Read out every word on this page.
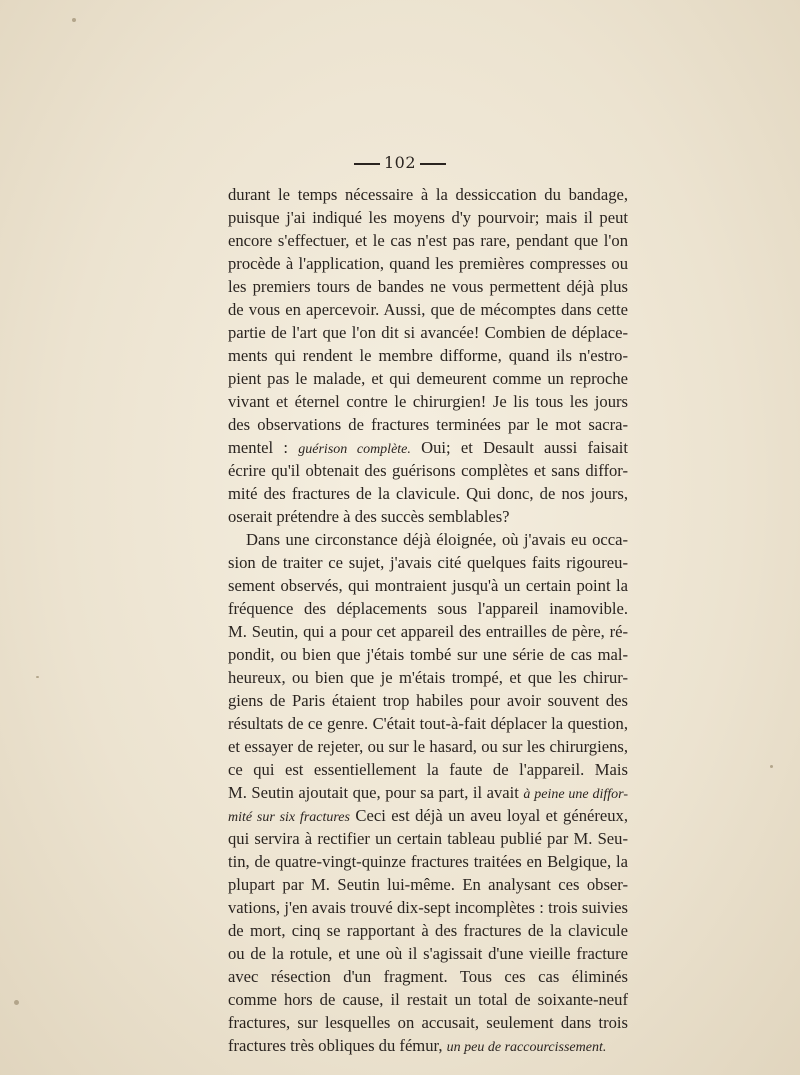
102
durant le temps nécessaire à la dessiccation du bandage,
puisque j'ai indiqué les moyens d'y pourvoir; mais il peut
encore s'effectuer, et le cas n'est pas rare, pendant que l'on
procède à l'application, quand les premières compresses ou
les premiers tours de bandes ne vous permettent déjà plus
de vous en apercevoir. Aussi, que de mécomptes dans cette
partie de l'art que l'on dit si avancée! Combien de déplace-
ments qui rendent le membre difforme, quand ils n'estro-
pient pas le malade, et qui demeurent comme un reproche
vivant et éternel contre le chirurgien! Je lis tous les jours
des observations de fractures terminées par le mot sacra-
mentel : guérison complète. Oui; et Desault aussi faisait
écrire qu'il obtenait des guérisons complètes et sans diffor-
mité des fractures de la clavicule. Qui donc, de nos jours,
oserait prétendre à des succès semblables?
Dans une circonstance déjà éloignée, où j'avais eu occa-
sion de traiter ce sujet, j'avais cité quelques faits rigoureu-
sement observés, qui montraient jusqu'à un certain point la
fréquence des déplacements sous l'appareil inamovible.
M. Seutin, qui a pour cet appareil des entrailles de père, ré-
pondit, ou bien que j'étais tombé sur une série de cas mal-
heureux, ou bien que je m'étais trompé, et que les chirur-
giens de Paris étaient trop habiles pour avoir souvent des
résultats de ce genre. C'était tout-à-fait déplacer la question,
et essayer de rejeter, ou sur le hasard, ou sur les chirurgiens,
ce qui est essentiellement la faute de l'appareil. Mais
M. Seutin ajoutait que, pour sa part, il avait à peine une diffor-
mité sur six fractures Ceci est déjà un aveu loyal et généreux,
qui servira à rectifier un certain tableau publié par M. Seu-
tin, de quatre-vingt-quinze fractures traitées en Belgique, la
plupart par M. Seutin lui-même. En analysant ces obser-
vations, j'en avais trouvé dix-sept incomplètes : trois suivies
de mort, cinq se rapportant à des fractures de la clavicule
ou de la rotule, et une où il s'agissait d'une vieille fracture
avec résection d'un fragment. Tous ces cas éliminés
comme hors de cause, il restait un total de soixante-neuf
fractures, sur lesquelles on accusait, seulement dans trois
fractures très obliques du fémur, un peu de raccourcissement.
